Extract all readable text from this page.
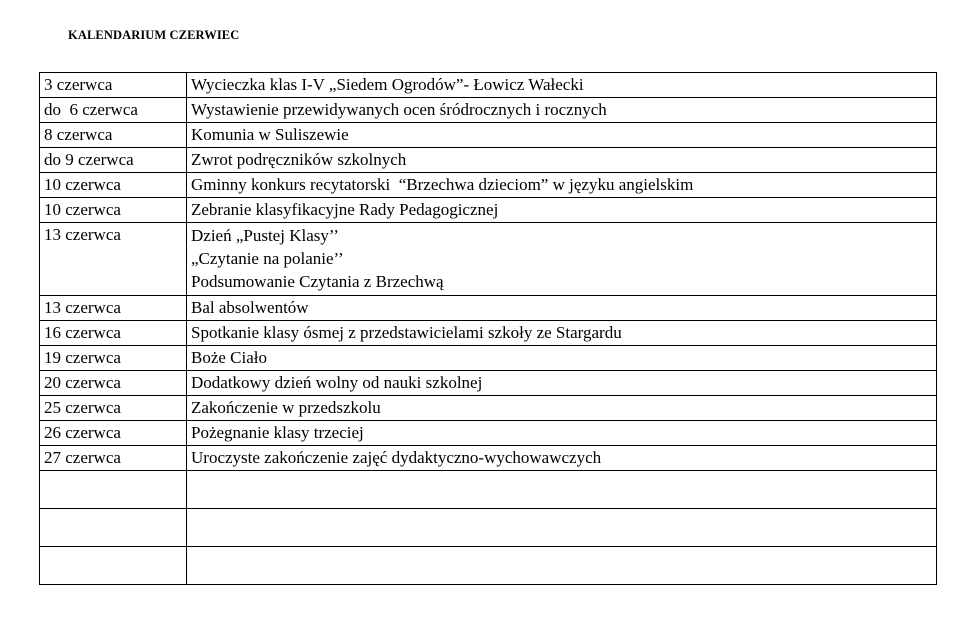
KALENDARIUM CZERWIEC
3 czerwca	Wycieczka klas I-V „Siedem Ogrodów”- Łowicz Wałecki
do  6 czerwca	Wystawienie przewidywanych ocen śródrocznych i rocznych
8 czerwca	Komunia w Suliszewie
do 9 czerwca	Zwrot podręczników szkolnych
10 czerwca	Gminny konkurs recytatorski  “Brzechwa dzieciom” w języku angielskim
10 czerwca	Zebranie klasyfikacyjne Rady Pedagogicznej
13 czerwca	Dzień „Pustej Klasy’’
„Czytanie na polanie’’
Podsumowanie Czytania z Brzechwą

13 czerwca	Bal absolwentów
16 czerwca	Spotkanie klasy ósmej z przedstawicielami szkoły ze Stargardu
19 czerwca	Boże Ciało
20 czerwca	Dodatkowy dzień wolny od nauki szkolnej
25 czerwca	Zakończenie w przedszkolu
26 czerwca	Pożegnanie klasy trzeciej
27 czerwca	Uroczyste zakończenie zajęć dydaktyczno-wychowawczych
